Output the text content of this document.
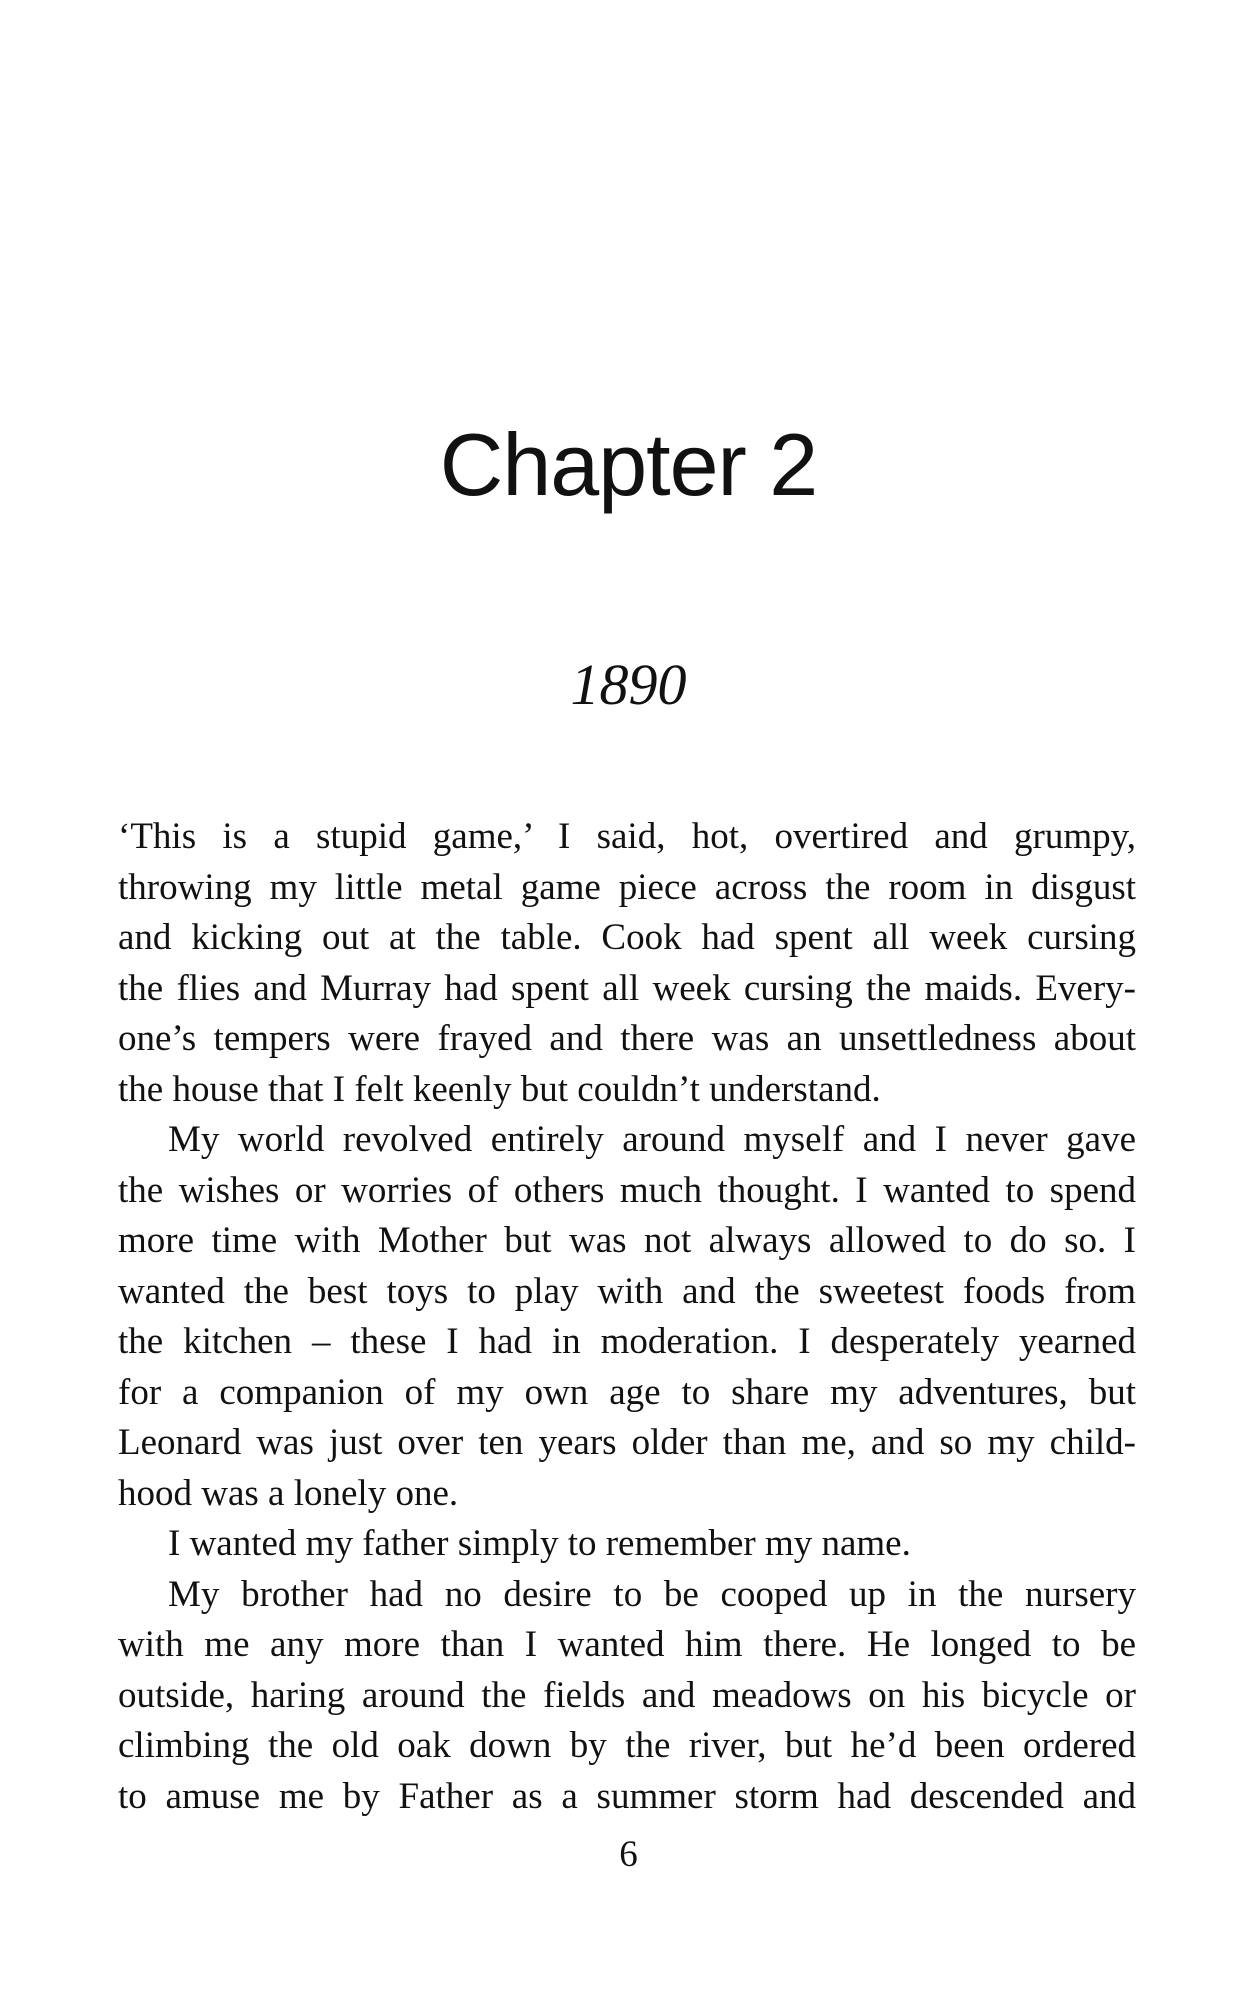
Chapter 2
1890
‘This is a stupid game,’ I said, hot, overtired and grumpy,
throwing my little metal game piece across the room in disgust
and kicking out at the table. Cook had spent all week cursing
the flies and Murray had spent all week cursing the maids. Every-
one’s tempers were frayed and there was an unsettledness about
the house that I felt keenly but couldn’t understand.
My world revolved entirely around myself and I never gave
the wishes or worries of others much thought. I wanted to spend
more time with Mother but was not always allowed to do so. I
wanted the best toys to play with and the sweetest foods from
the kitchen – these I had in moderation. I desperately yearned
for a companion of my own age to share my adventures, but
Leonard was just over ten years older than me, and so my child-
hood was a lonely one.
I wanted my father simply to remember my name.
My brother had no desire to be cooped up in the nursery
with me any more than I wanted him there. He longed to be
outside, haring around the fields and meadows on his bicycle or
climbing the old oak down by the river, but he’d been ordered
to amuse me by Father as a summer storm had descended and
6
